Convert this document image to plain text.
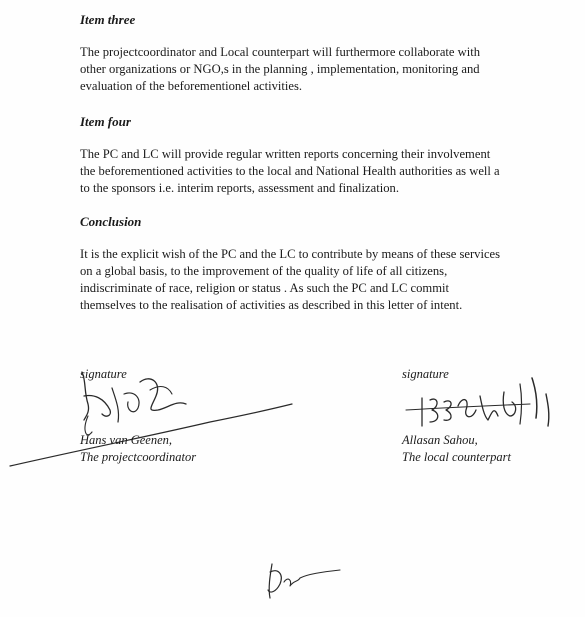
Item three
The projectcoordinator and Local counterpart will furthermore collaborate with
other organizations or NGO,s in the planning , implementation, monitoring and
evaluation of the beforementionel activities.
Item four
The PC and LC will provide regular written reports concerning their involvement
the beforementioned activities to the local and National Health authorities as well a
to the sponsors i.e. interim reports, assessment and finalization.
Conclusion
It is the explicit wish of the PC and the LC to contribute by means of these services
on a global basis, to the improvement of the quality of life of all citizens,
indiscriminate of race, religion or status . As such the PC and LC commit
themselves to the realisation of activities as described in this letter of intent.
signature
Hans van Geenen,
The projectcoordinator
signature
Allasan Sahou,
The local counterpart
